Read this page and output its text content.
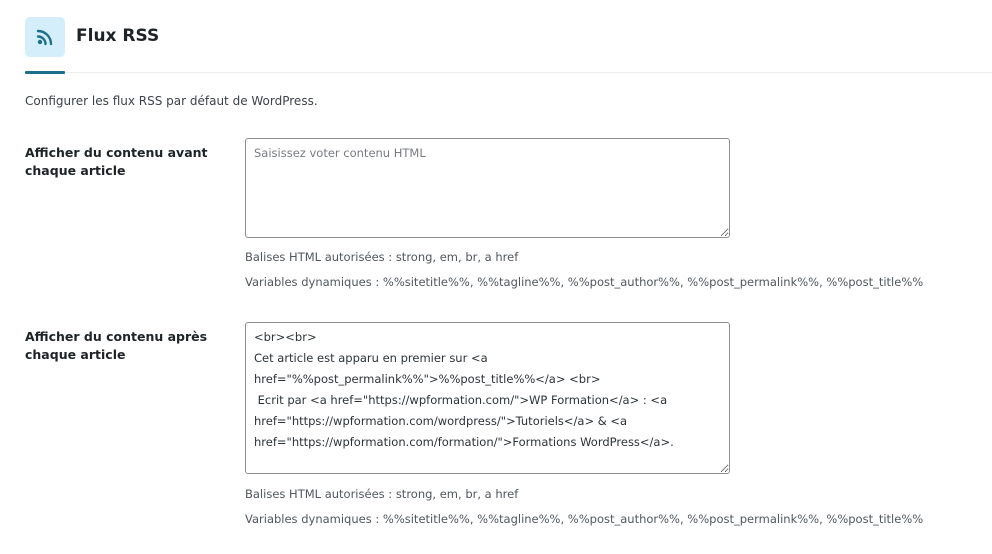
Flux RSS
Configurer les flux RSS par défaut de WordPress.
Afficher du contenu avant chaque article
Saisissez voter contenu HTML
Balises HTML autorisées : strong, em, br, a href
Variables dynamiques : %%sitetitle%%, %%tagline%%, %%post_author%%, %%post_permalink%%, %%post_title%%
Afficher du contenu après chaque article
<br><br> Cet article est apparu en premier sur <a href="%%post_permalink%%">%%post_title%%</a> <br> Ecrit par <a href="https://wpformation.com/">WP Formation</a> : <a href="https://wpformation.com/wordpress/">Tutoriels</a> & <a href="https://wpformation.com/formation/">Formations WordPress</a>.
Balises HTML autorisées : strong, em, br, a href
Variables dynamiques : %%sitetitle%%, %%tagline%%, %%post_author%%, %%post_permalink%%, %%post_title%%
